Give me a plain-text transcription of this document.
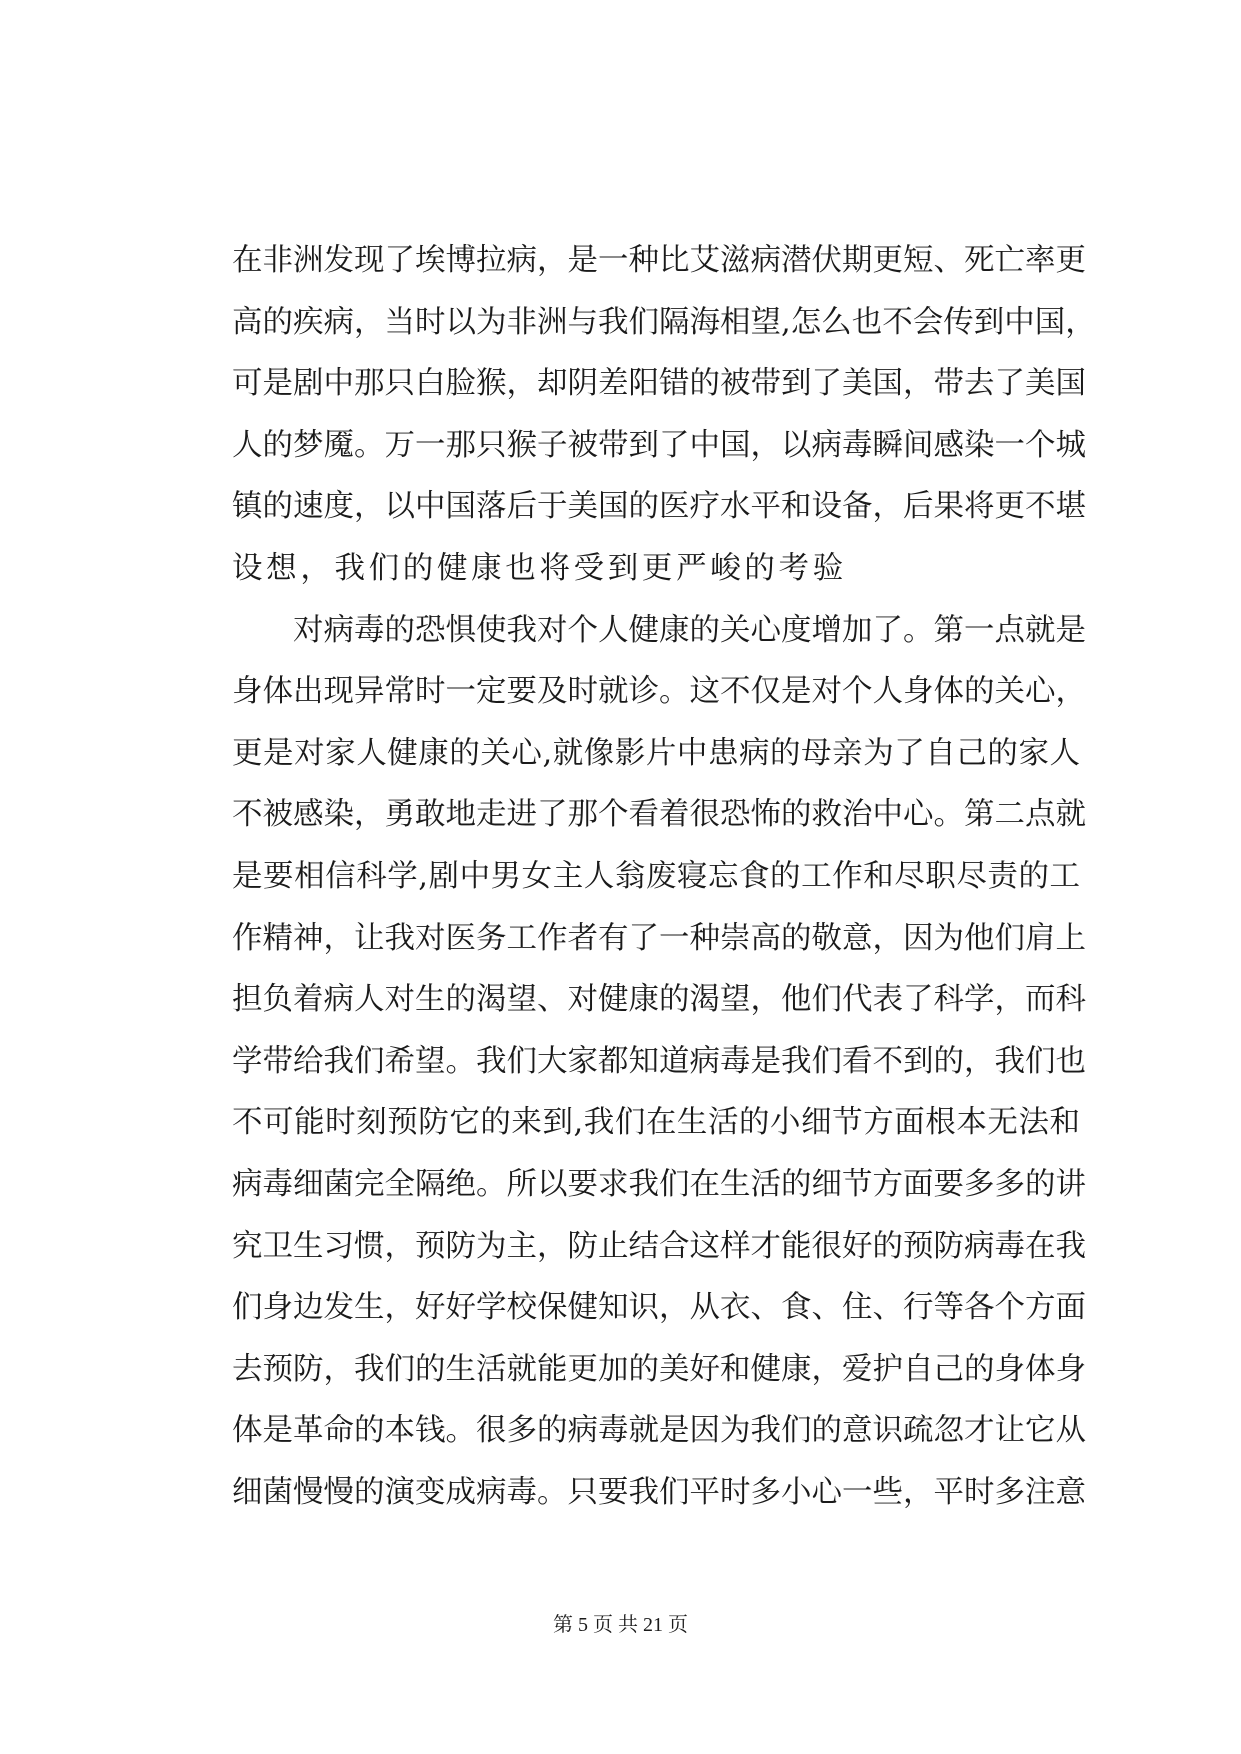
在非洲发现了埃博拉病，是一种比艾滋病潜伏期更短、死亡率更
高的疾病，当时以为非洲与我们隔海相望,怎么也不会传到中国，
可是剧中那只白脸猴，却阴差阳错的被带到了美国，带去了美国
人的梦魇。万一那只猴子被带到了中国，以病毒瞬间感染一个城
镇的速度，以中国落后于美国的医疗水平和设备，后果将更不堪
设想，我们的健康也将受到更严峻的考验
　　对病毒的恐惧使我对个人健康的关心度增加了。第一点就是
身体出现异常时一定要及时就诊。这不仅是对个人身体的关心，
更是对家人健康的关心,就像影片中患病的母亲为了自己的家人
不被感染，勇敢地走进了那个看着很恐怖的救治中心。第二点就
是要相信科学,剧中男女主人翁废寝忘食的工作和尽职尽责的工
作精神，让我对医务工作者有了一种崇高的敬意，因为他们肩上
担负着病人对生的渴望、对健康的渴望，他们代表了科学，而科
学带给我们希望。我们大家都知道病毒是我们看不到的，我们也
不可能时刻预防它的来到,我们在生活的小细节方面根本无法和
病毒细菌完全隔绝。所以要求我们在生活的细节方面要多多的讲
究卫生习惯，预防为主，防止结合这样才能很好的预防病毒在我
们身边发生，好好学校保健知识，从衣、食、住、行等各个方面
去预防，我们的生活就能更加的美好和健康，爱护自己的身体身
体是革命的本钱。很多的病毒就是因为我们的意识疏忽才让它从
细菌慢慢的演变成病毒。只要我们平时多小心一些，平时多注意
第 5 页 共 21 页
